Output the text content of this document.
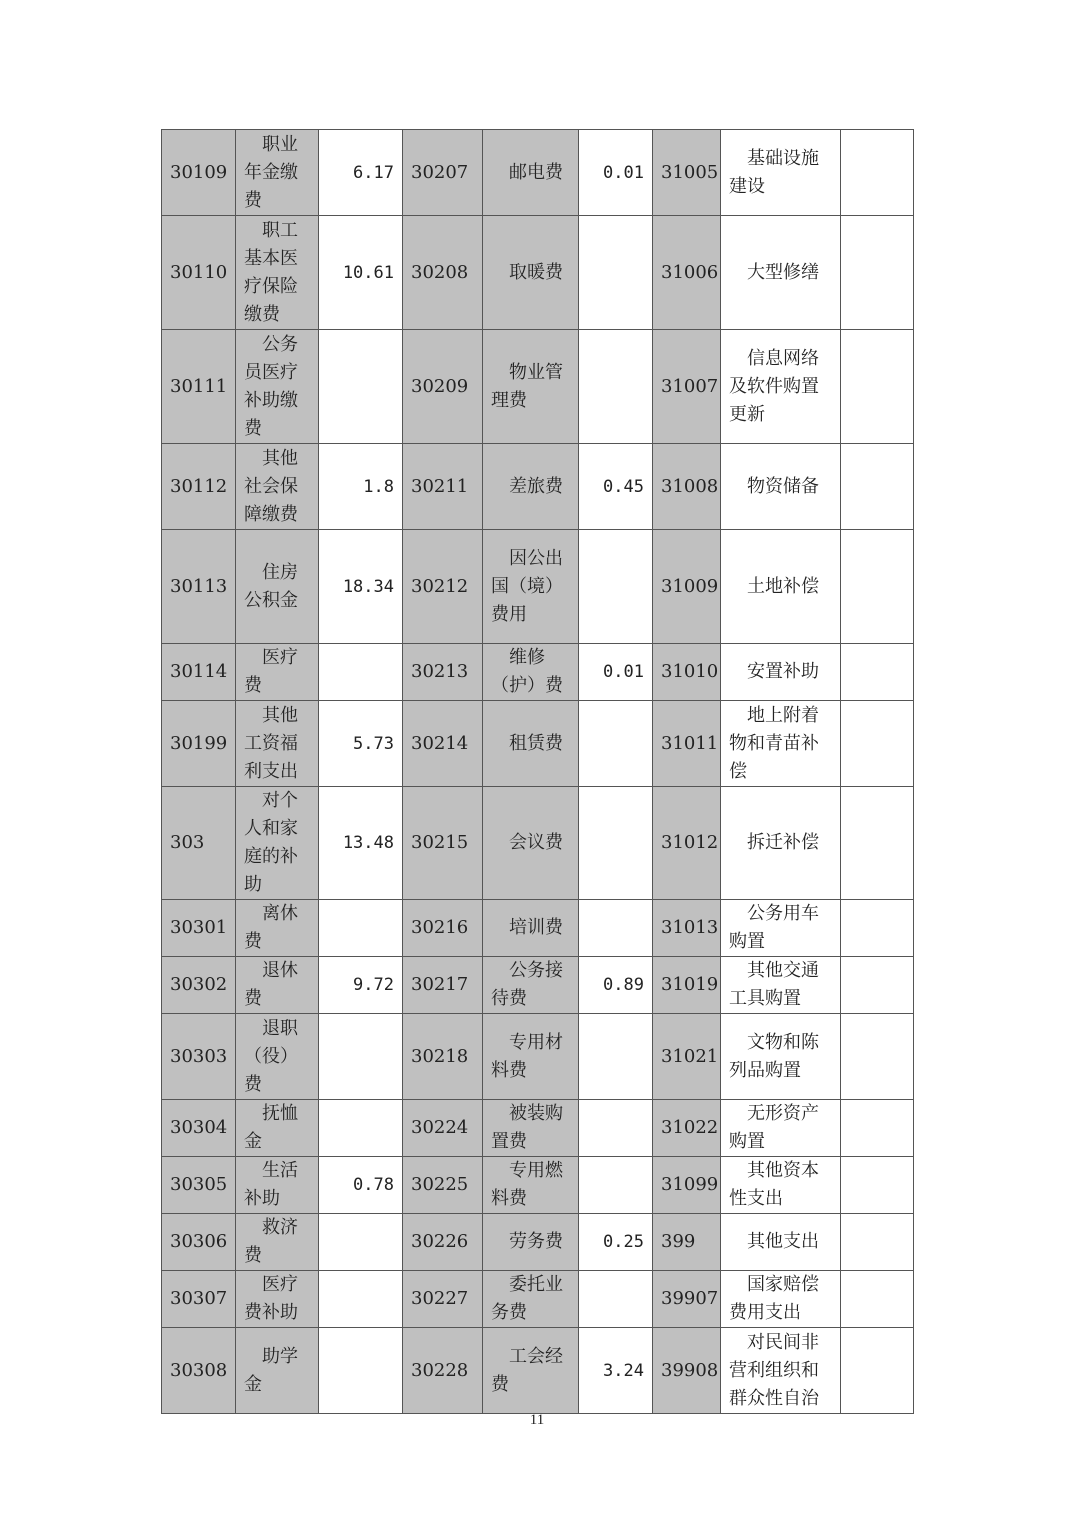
30109	职业年金缴费	6.17	30207	邮电费	0.01	31005	基础设施建设	
30110	职工基本医疗保险缴费	10.61	30208	取暖费		31006	大型修缮	
30111	公务员医疗补助缴费		30209	物业管理费		31007	信息网络及软件购置更新	
30112	其他社会保障缴费	1.8	30211	差旅费	0.45	31008	物资储备	
30113	住房公积金	18.34	30212	因公出国（境）费用		31009	土地补偿	
30114	医疗费		30213	维修（护）费	0.01	31010	安置补助	
30199	其他工资福利支出	5.73	30214	租赁费		31011	地上附着物和青苗补偿	
303	对个人和家庭的补助	13.48	30215	会议费		31012	拆迁补偿	
30301	离休费		30216	培训费		31013	公务用车购置	
30302	退休费	9.72	30217	公务接待费	0.89	31019	其他交通工具购置	
30303	退职（役）费		30218	专用材料费		31021	文物和陈列品购置	
30304	抚恤金		30224	被装购置费		31022	无形资产购置	
30305	生活补助	0.78	30225	专用燃料费		31099	其他资本性支出	
30306	救济费		30226	劳务费	0.25	399	其他支出	
30307	医疗费补助		30227	委托业务费		39907	国家赔偿费用支出	
30308	助学金		30228	工会经费	3.24	39908	对民间非营利组织和群众性自治	
11
